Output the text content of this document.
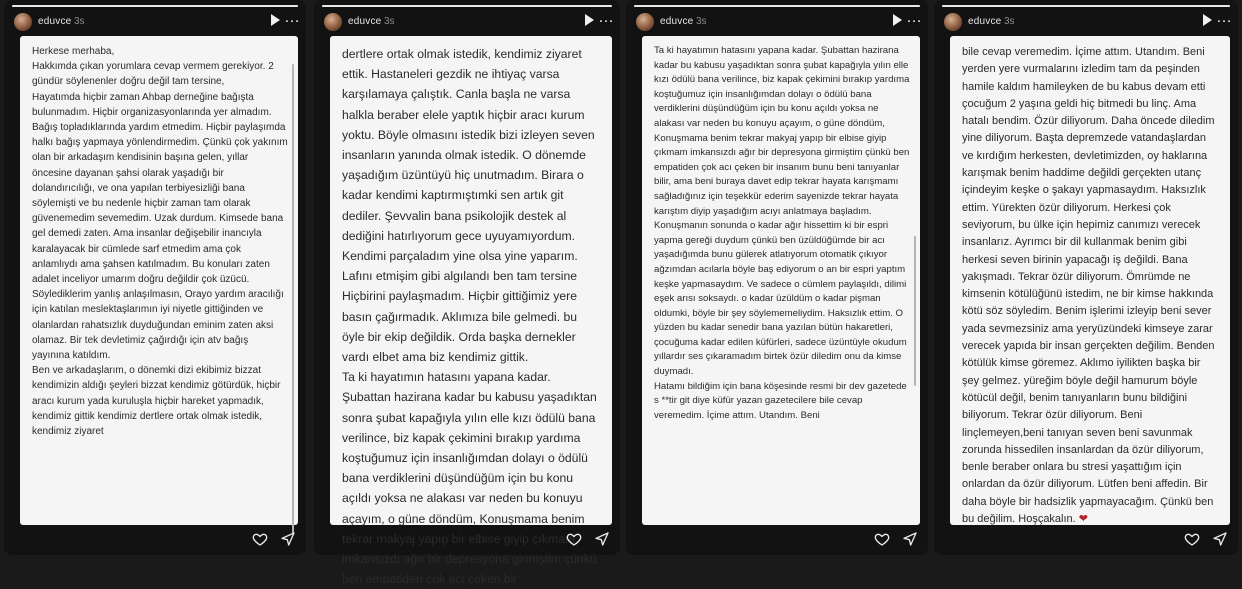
eduvce 3s	…
Herkese merhaba,
Hakkımda çıkan yorumlara cevap vermem gerekiyor. 2 gündür söylenenler doğru değil tam tersine,
Hayatımda hiçbir zaman Ahbap derneğine bağışta bulunmadım. Hiçbir organizasyonlarında yer almadım. Bağış topladıklarında yardım etmedim. Hiçbir paylaşımda halkı bağış yapmaya yönlendirmedim. Çünkü çok yakınım olan bir arkadaşım kendisinin başına gelen, yıllar öncesine dayanan şahsi olarak yaşadığı bir dolandırıcılığı, ve ona yapılan terbiyesizliği bana söylemişti ve bu nedenle hiçbir zaman tam olarak güvenemedim sevemedim. Uzak durdum. Kimsede bana gel demedi zaten. Ama insanlar değişebilir inancıyla karalayacak bir cümlede sarf etmedim ama çok anlamlıydı ama şahsen katılmadım. Bu konuları zaten adalet inceliyor umarım doğru değildir çok üzücü. Söylediklerim yanlış anlaşılmasın, Orayo yardım aracılığı için katılan meslektaşlarımın iyi niyetle gittiğinden ve olanlardan rahatsızlık duyduğundan eminim zaten aksi olamaz. Bir tek devletimiz çağırdığı için atv bağış yayınına katıldım.
Ben ve arkadaşlarım, o dönemki dizi ekibimiz bizzat kendimizin aldığı şeyleri bizzat kendimiz götürdük, hiçbir aracı kurum yada kuruluşla hiçbir hareket yapmadık, kendimiz gittik kendimiz dertlere ortak olmak istedik, kendimiz ziyaret
eduvce 3s	…
dertlere ortak olmak istedik, kendimiz ziyaret ettik. Hastaneleri gezdik ne ihtiyaç varsa karşılamaya çalıştık. Canla başla ne varsa halkla beraber elele yaptık hiçbir aracı kurum yoktu. Böyle olmasını istedik bizi izleyen seven insanların yanında olmak istedik. O dönemde yaşadığım üzüntüyü hiç unutmadım. Birara o kadar kendimi kaptırmıştımki sen artık git dediler. Şevvalin bana psikolojik destek al dediğini hatırlıyorum gece uyuyamıyordum. Kendimi parçaladım yine olsa yine yaparım. Lafını etmişim gibi algılandı ben tam tersine Hiçbirini paylaşmadım. Hiçbir gittiğimiz yere basın çağırmadık. Aklımıza bile gelmedi. bu öyle bir ekip değildik. Orda başka dernekler vardı elbet ama biz kendimiz gittik.
Ta ki hayatımın hatasını yapana kadar. Şubattan hazirana kadar bu kabusu yaşadıktan sonra şubat kapağıyla yılın elle kızı ödülü bana verilince, biz kapak çekimini bırakıp yardıma koştuğumuz için insanlığımdan dolayı o ödülü bana verdiklerini düşündüğüm için bu konu açıldı yoksa ne alakası var neden bu konuyu açayım, o güne döndüm, Konuşmama benim tekrar makyaj yapıp bir elbise giyip çıkmam imkansızdı ağır bir depresyona girmiştim çünkü ben empatiden çok acı çeken bir
eduvce 3s	…
Ta ki hayatımın hatasını yapana kadar. Şubattan hazirana kadar bu kabusu yaşadıktan sonra şubat kapağıyla yılın elle kızı ödülü bana verilince, biz kapak çekimini bırakıp yardıma koştuğumuz için insanlığımdan dolayı o ödülü bana verdiklerini düşündüğüm için bu konu açıldı yoksa ne alakası var neden bu konuyu açayım, o güne döndüm, Konuşmama benim tekrar makyaj yapıp bir elbise giyip çıkmam imkansızdı ağır bir depresyona girmiştim çünkü ben empatiden çok acı çeken bir insanım bunu beni tanıyanlar bilir, ama beni buraya davet edip tekrar hayata karışmamı sağladığınız için teşekkür ederim sayenizde tekrar hayata karıştım diyip yaşadığım acıyı anlatmaya başladım. Konuşmanın sonunda o kadar ağır hissettim ki bir espri yapma gereği duydum çünkü ben üzüldüğümde bir acı yaşadığımda bunu gülerek atlatıyorum otomatik çıkıyor ağzımdan acılarla böyle baş ediyorum o an bir espri yaptım keşke yapmasaydım. Ve sadece o cümlem paylaşıldı, dilimi eşek arısı soksaydı. o kadar üzüldüm o kadar pişman oldumki, böyle bir şey söylememeliydim. Haksızlık ettim. O yüzden bu kadar senedir bana yazılan bütün hakaretleri, çocuğuma kadar edilen küfürleri, sadece üzüntüyle okudum yıllardır ses çıkaramadım birtek özür diledim onu da kimse duymadı.
Hatamı bildiğim için bana köşesinde resmi bir dev gazetede s **tir git diye küfür yazan gazetecilere bile cevap veremedim. İçime attım. Utandım. Beni
eduvce 3s	…
bile cevap veremedim. İçime attım. Utandım. Beni yerden yere vurmalarını izledim tam da peşinden hamile kaldım hamileyken de bu kabus devam etti çocuğum 2 yaşına geldi hiç bitmedi bu linç. Ama hatalı bendim. Özür diliyorum. Daha öncede diledim yine diliyorum. Başta depremzede vatandaşlardan ve kırdığım herkesten, devletimizden, oy haklarına karışmak benim haddime değildi gerçekten utanç içindeyim keşke o şakayı yapmasaydım. Haksızlık ettim. Yürekten özür diliyorum. Herkesi çok seviyorum, bu ülke için hepimiz canımızı verecek insanlarız. Ayrımcı bir dil kullanmak benim gibi herkesi seven birinin yapacağı iş değildi. Bana yakışmadı. Tekrar özür diliyorum. Ömrümde ne kimsenin kötülüğünü istedim, ne bir kimse hakkında kötü söz söyledim. Benim işlerimi izleyip beni sever yada sevmezsiniz ama yeryüzündeki kimseye zarar verecek yapıda bir insan gerçekten değilim. Benden kötülük kimse göremez. Aklımo iyilikten başka bir şey gelmez. yüreğim böyle değil hamurum böyle kötücül değil, benim tanıyanların bunu bildiğini biliyorum. Tekrar özür diliyorum. Beni linçlemeyen,beni tanıyan seven beni savunmak zorunda hissedilen insanlardan da özür diliyorum, benle beraber onlara bu stresi yaşattığım için onlardan da özür diliyorum. Lütfen beni affedin. Bir daha böyle bir hadsizlik yapmayacağım. Çünkü ben bu değilim. Hoşçakalın. ❤
